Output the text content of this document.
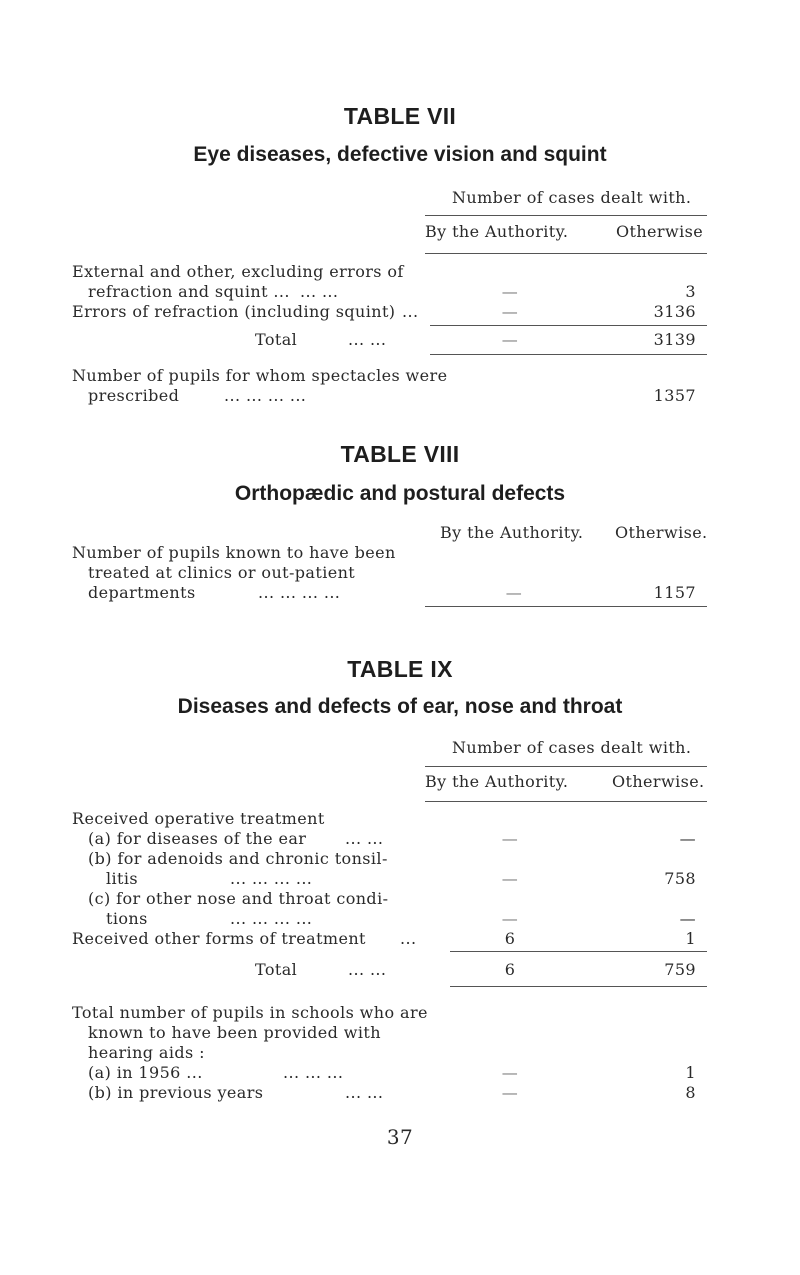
TABLE VII
Eye diseases, defective vision and squint
Number of cases dealt with.
By the Authority.	Otherwise
External and other, excluding errors of
refraction and squint ... ... ...	—	3
Errors of refraction (including squint) ...	—	3136
Total	... ...	—	3139
Number of pupils for whom spectacles were
prescribed	... ... ... ...	1357
TABLE VIII
Orthopædic and postural defects
By the Authority. Otherwise.
Number of pupils known to have been
treated at clinics or out-patient
departments	... ... ... ...	—	1157
TABLE IX
Diseases and defects of ear, nose and throat
Number of cases dealt with.
By the Authority.	Otherwise.
Received operative treatment
(a) for diseases of the ear ... ...	—	—
(b) for adenoids and chronic tonsil-
litis	... ... ... ...	—	758
(c) for other nose and throat condi-
tions	... ... ... ...	—	—
Received other forms of treatment ...	6	1
Total	... ...	6	759
Total number of pupils in schools who are
known to have been provided with
hearing aids :
(a) in 1956 ...	... ... ...	—	1
(b) in previous years	... ...	—	8
37
